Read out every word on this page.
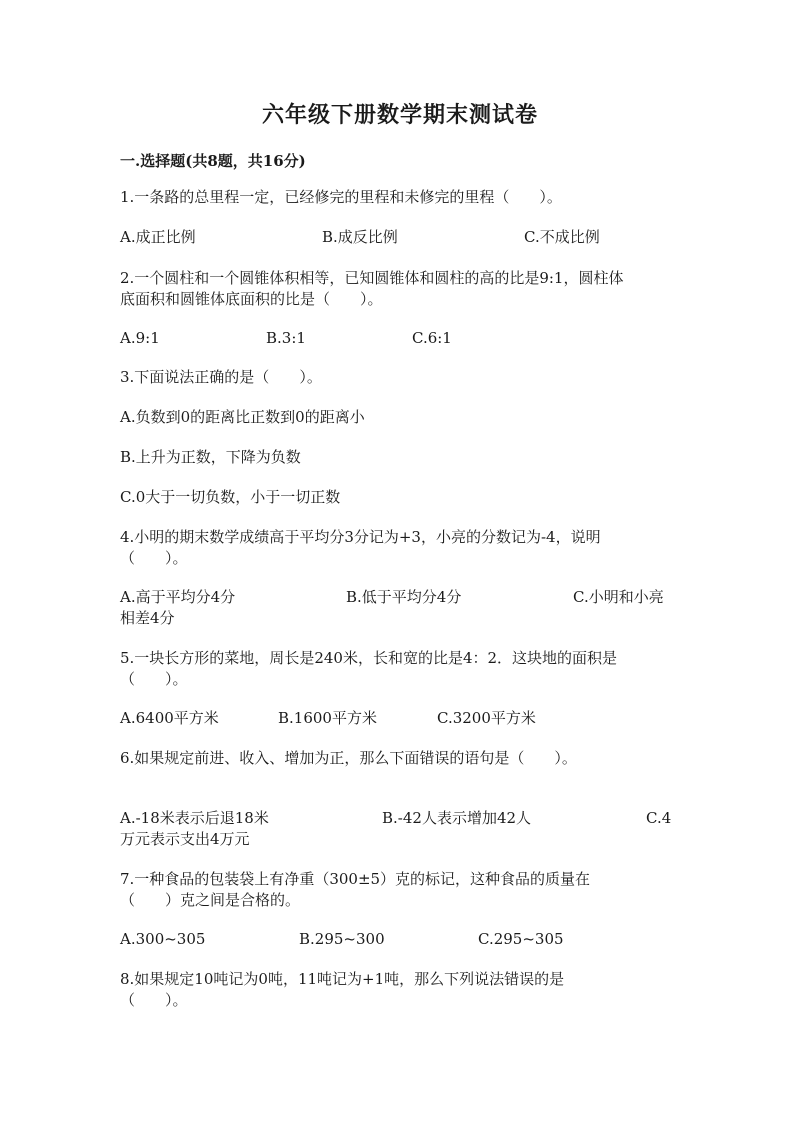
六年级下册数学期末测试卷
一.选择题(共8题，共16分)
1.一条路的总里程一定，已经修完的里程和未修完的里程（　　）。
A.成正比例	B.成反比例	C.不成比例
2.一个圆柱和一个圆锥体积相等，已知圆锥体和圆柱的高的比是9:1，圆柱体
底面积和圆锥体底面积的比是（　　）。
A.9:1	B.3:1	C.6:1
3.下面说法正确的是（　　）。
A.负数到0的距离比正数到0的距离小
B.上升为正数，下降为负数
C.0大于一切负数，小于一切正数
4.小明的期末数学成绩高于平均分3分记为+3，小亮的分数记为-4，说明
（　　）。
A.高于平均分4分	B.低于平均分4分	C.小明和小亮
相差4分
5.一块长方形的菜地，周长是240米，长和宽的比是4：2．这块地的面积是
（　　）。
A.6400平方米	B.1600平方米	C.3200平方米
6.如果规定前进、收入、增加为正，那么下面错误的语句是（　　）。
A.-18米表示后退18米	B.-42人表示增加42人	C.4
万元表示支出4万元
7.一种食品的包装袋上有净重（300±5）克的标记，这种食品的质量在
（　　）克之间是合格的。
A.300~305	B.295~300	C.295~305
8.如果规定10吨记为0吨，11吨记为+1吨，那么下列说法错误的是
（　　）。
